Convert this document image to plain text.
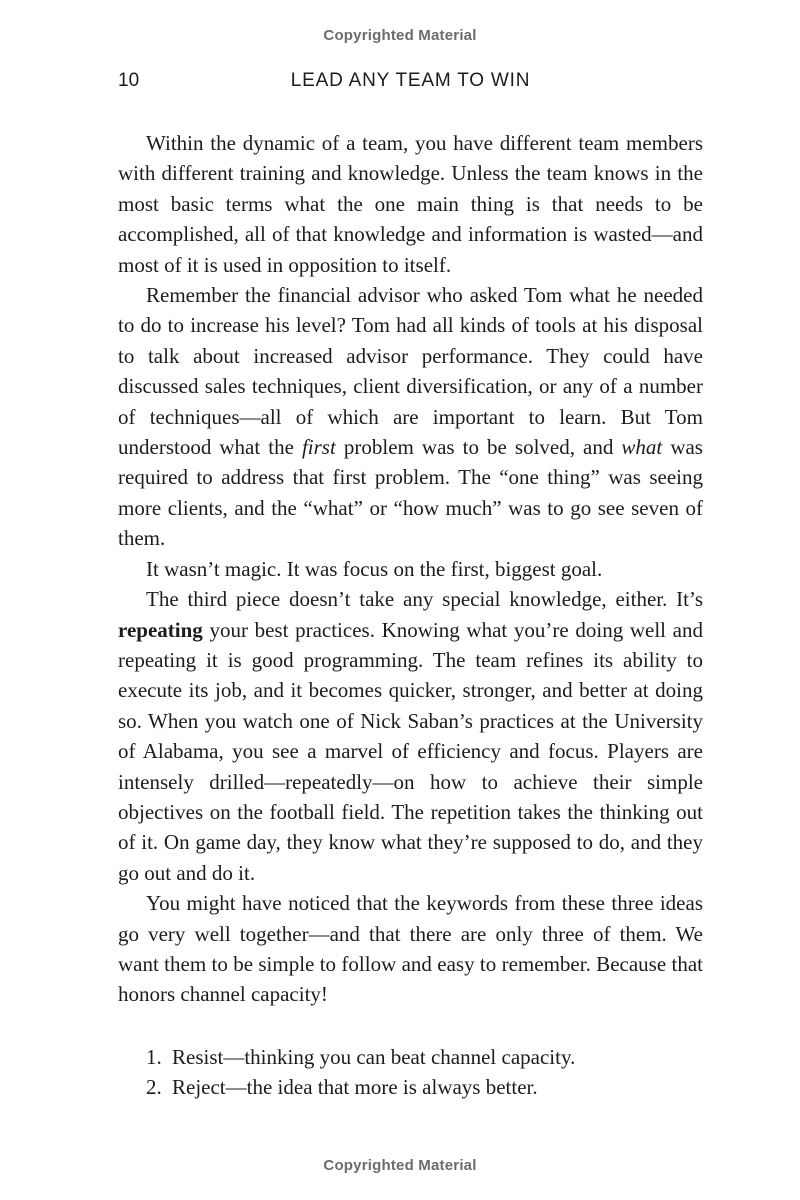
Copyrighted Material
10	LEAD ANY TEAM TO WIN

Within the dynamic of a team, you have different team members with different training and knowledge. Unless the team knows in the most basic terms what the one main thing is that needs to be accomplished, all of that knowledge and information is wasted—and most of it is used in opposition to itself.

Remember the financial advisor who asked Tom what he needed to do to increase his level? Tom had all kinds of tools at his disposal to talk about increased advisor performance. They could have discussed sales techniques, client diversification, or any of a number of techniques—all of which are important to learn. But Tom understood what the first problem was to be solved, and what was required to address that first problem. The “one thing” was seeing more clients, and the “what” or “how much” was to go see seven of them.

It wasn’t magic. It was focus on the first, biggest goal.

The third piece doesn’t take any special knowledge, either. It’s repeating your best practices. Knowing what you’re doing well and repeating it is good programming. The team refines its ability to execute its job, and it becomes quicker, stronger, and better at doing so. When you watch one of Nick Saban’s practices at the University of Alabama, you see a marvel of efficiency and focus. Players are intensely drilled—repeatedly—on how to achieve their simple objectives on the football field. The repetition takes the thinking out of it. On game day, they know what they’re supposed to do, and they go out and do it.

You might have noticed that the keywords from these three ideas go very well together—and that there are only three of them. We want them to be simple to follow and easy to remember. Because that honors channel capacity!

1. Resist—thinking you can beat channel capacity.
2. Reject—the idea that more is always better.
Copyrighted Material
